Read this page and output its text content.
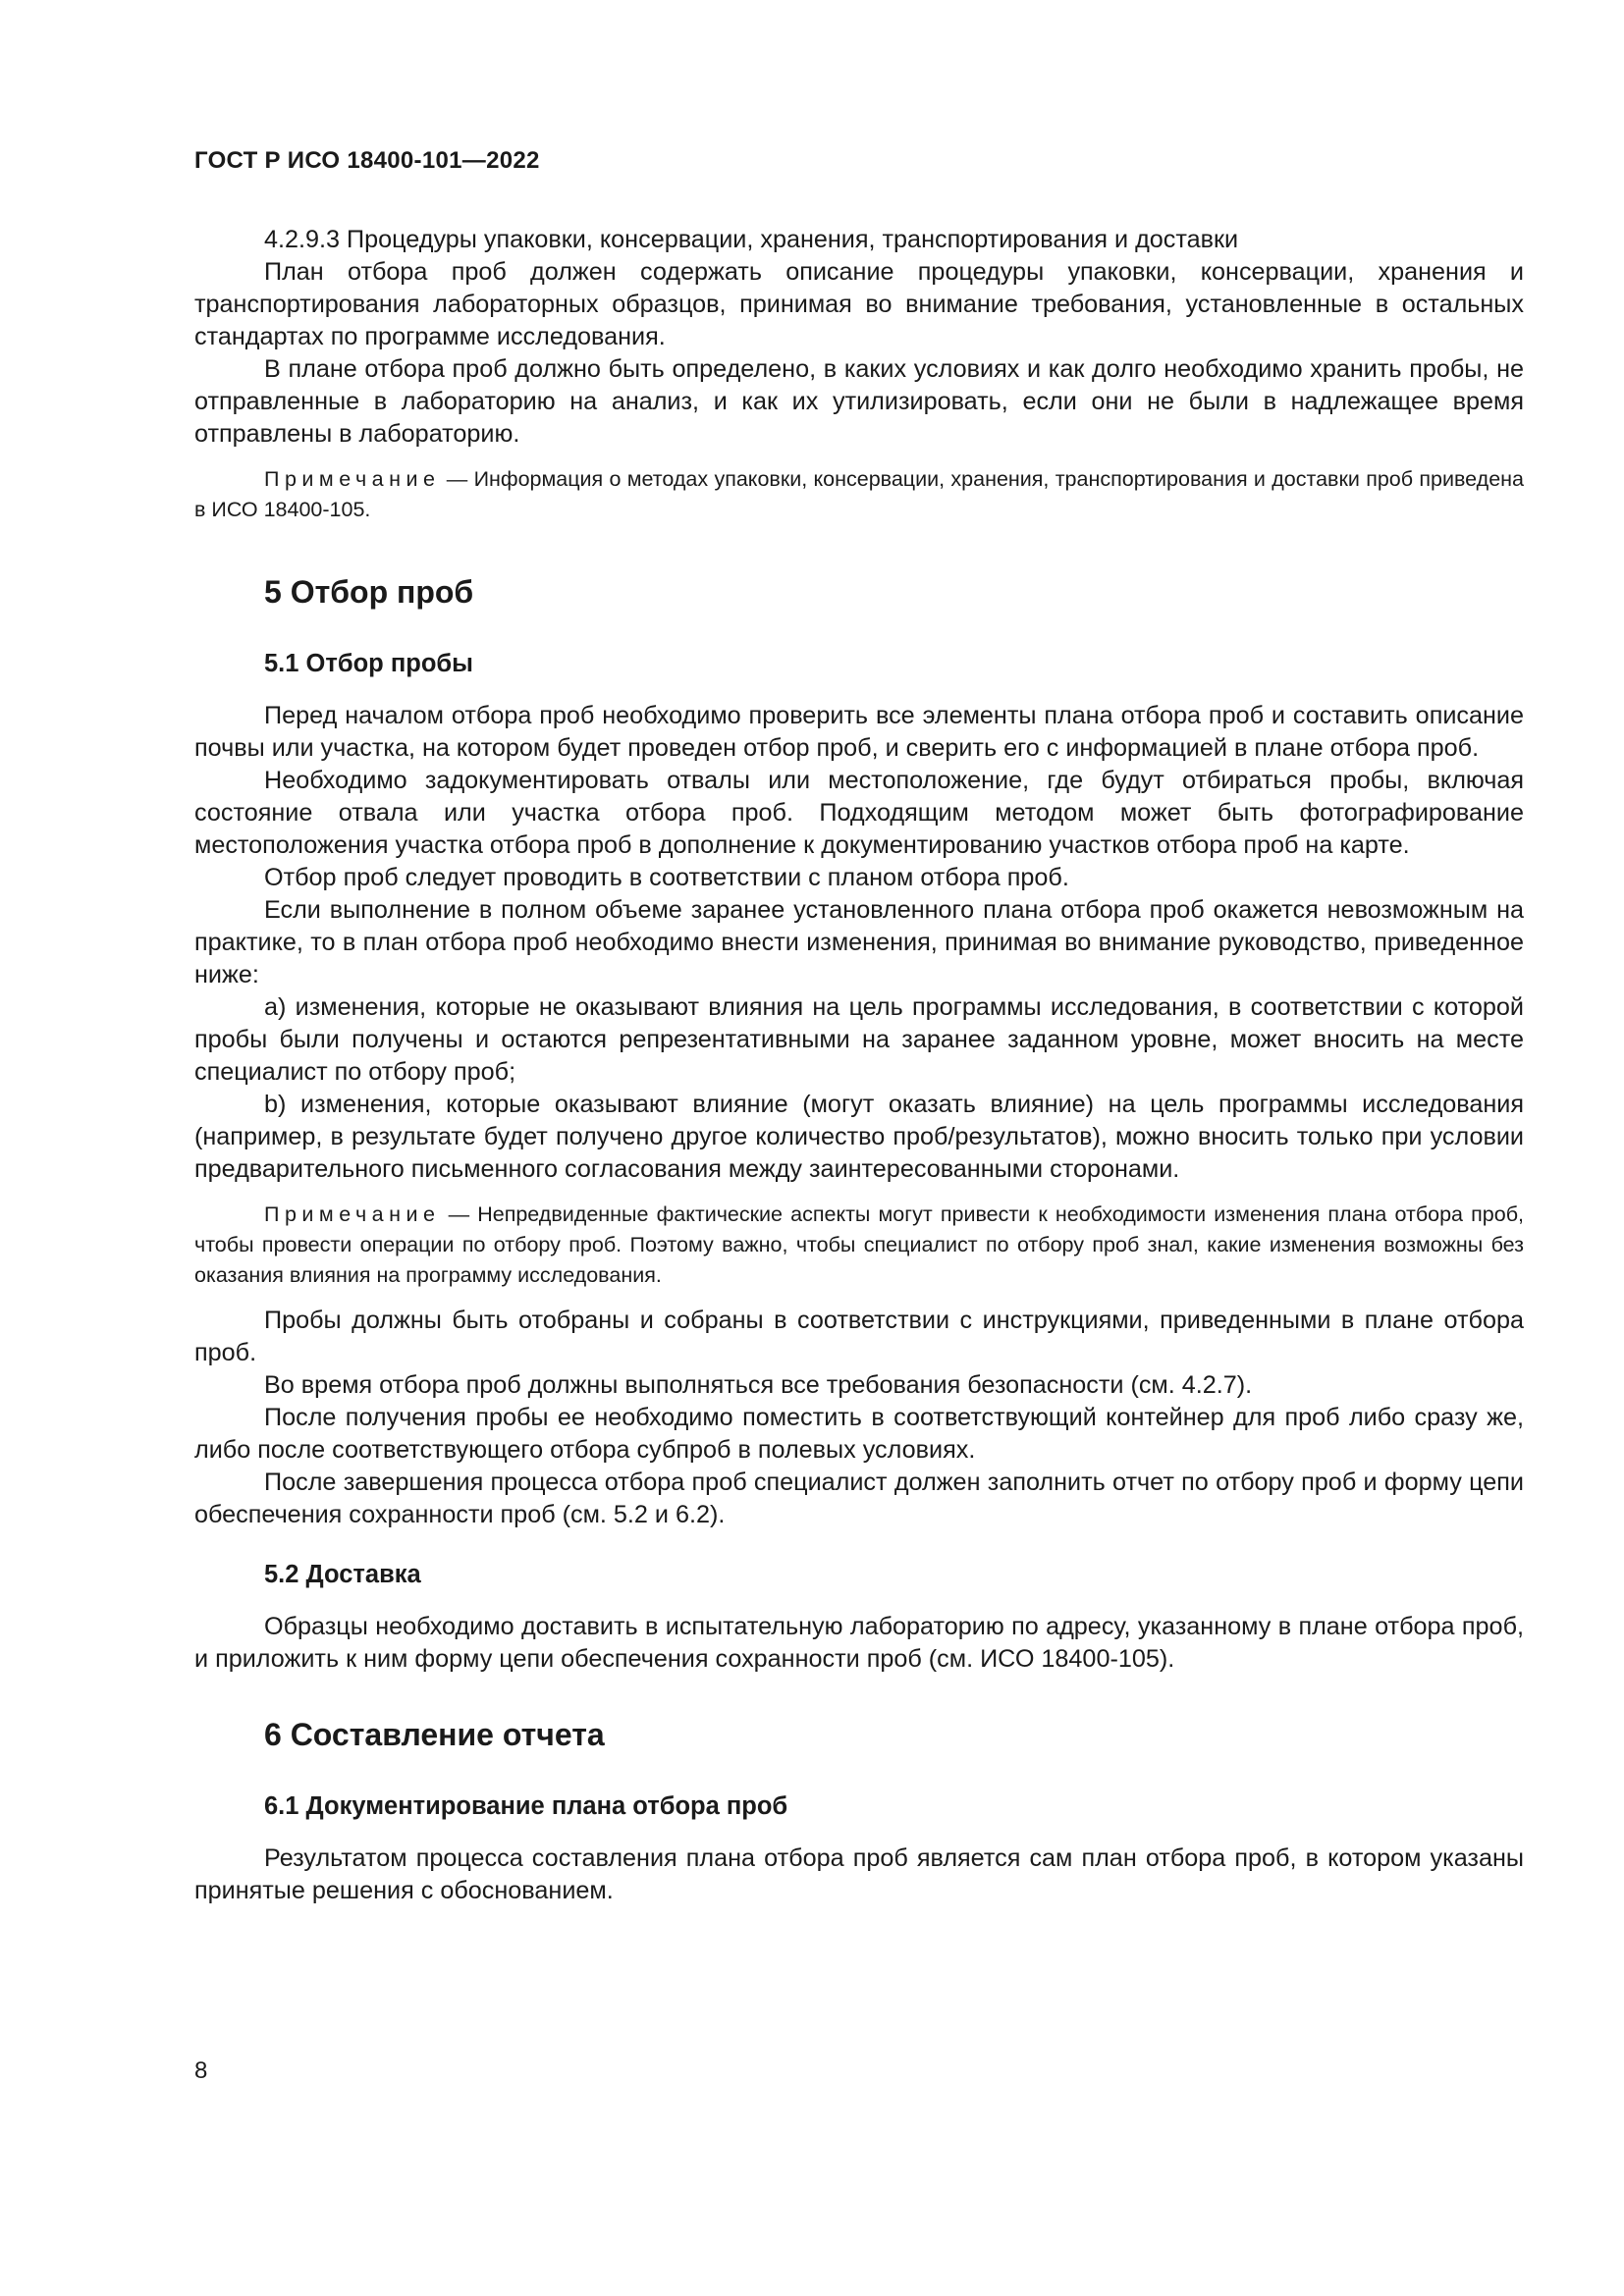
ГОСТ Р ИСО 18400-101—2022

4.2.9.3 Процедуры упаковки, консервации, хранения, транспортирования и доставки

План отбора проб должен содержать описание процедуры упаковки, консервации, хранения и транспортирования лабораторных образцов, принимая во внимание требования, установленные в остальных стандартах по программе исследования.

В плане отбора проб должно быть определено, в каких условиях и как долго необходимо хранить пробы, не отправленные в лабораторию на анализ, и как их утилизировать, если они не были в надлежащее время отправлены в лабораторию.

Примечание — Информация о методах упаковки, консервации, хранения, транспортирования и доставки проб приведена в ИСО 18400-105.

5 Отбор проб
5.1 Отбор пробы

Перед началом отбора проб необходимо проверить все элементы плана отбора проб и составить описание почвы или участка, на котором будет проведен отбор проб, и сверить его с информацией в плане отбора проб.

Необходимо задокументировать отвалы или местоположение, где будут отбираться пробы, включая состояние отвала или участка отбора проб. Подходящим методом может быть фотографирование местоположения участка отбора проб в дополнение к документированию участков отбора проб на карте.

Отбор проб следует проводить в соответствии с планом отбора проб.

Если выполнение в полном объеме заранее установленного плана отбора проб окажется невозможным на практике, то в план отбора проб необходимо внести изменения, принимая во внимание руководство, приведенное ниже:

a) изменения, которые не оказывают влияния на цель программы исследования, в соответствии с которой пробы были получены и остаются репрезентативными на заранее заданном уровне, может вносить на месте специалист по отбору проб;

b) изменения, которые оказывают влияние (могут оказать влияние) на цель программы исследования (например, в результате будет получено другое количество проб/результатов), можно вносить только при условии предварительного письменного согласования между заинтересованными сторонами.

Примечание — Непредвиденные фактические аспекты могут привести к необходимости изменения плана отбора проб, чтобы провести операции по отбору проб. Поэтому важно, чтобы специалист по отбору проб знал, какие изменения возможны без оказания влияния на программу исследования.

Пробы должны быть отобраны и собраны в соответствии с инструкциями, приведенными в плане отбора проб.

Во время отбора проб должны выполняться все требования безопасности (см. 4.2.7).

После получения пробы ее необходимо поместить в соответствующий контейнер для проб либо сразу же, либо после соответствующего отбора субпроб в полевых условиях.

После завершения процесса отбора проб специалист должен заполнить отчет по отбору проб и форму цепи обеспечения сохранности проб (см. 5.2 и 6.2).

5.2 Доставка

Образцы необходимо доставить в испытательную лабораторию по адресу, указанному в плане отбора проб, и приложить к ним форму цепи обеспечения сохранности проб (см. ИСО 18400-105).

6 Составление отчета
6.1 Документирование плана отбора проб

Результатом процесса составления плана отбора проб является сам план отбора проб, в котором указаны принятые решения с обоснованием.

8
